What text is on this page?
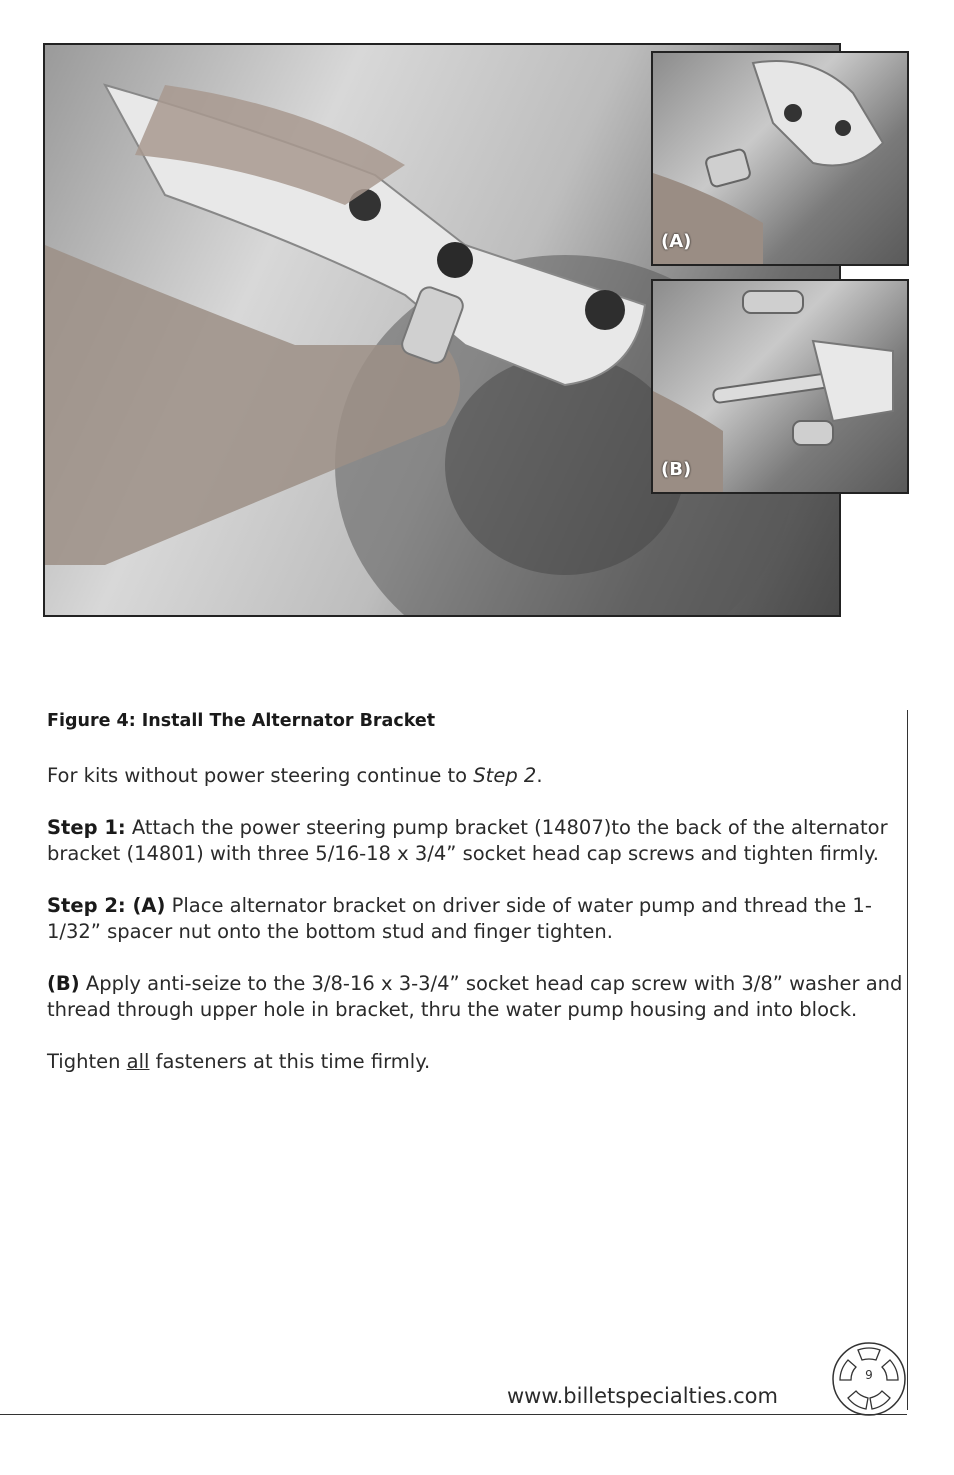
(A)
(B)
Figure 4: Install The Alternator Bracket

For kits without power steering continue to Step 2.

Step 1: Attach the power steering pump bracket (14807)to the back of the alternator bracket (14801) with three 5/16-18 x 3/4” socket head cap screws and tighten firmly.

Step 2: (A) Place alternator bracket on driver side of water pump and thread the 1-1/32” spacer nut onto the bottom stud and finger tighten.

(B) Apply anti-seize to the 3/8-16 x 3-3/4” socket head cap screw with 3/8” washer and thread through upper hole in bracket, thru the water pump housing and into block.

Tighten all fasteners at this time firmly.

www.billetspecialties.com
9
